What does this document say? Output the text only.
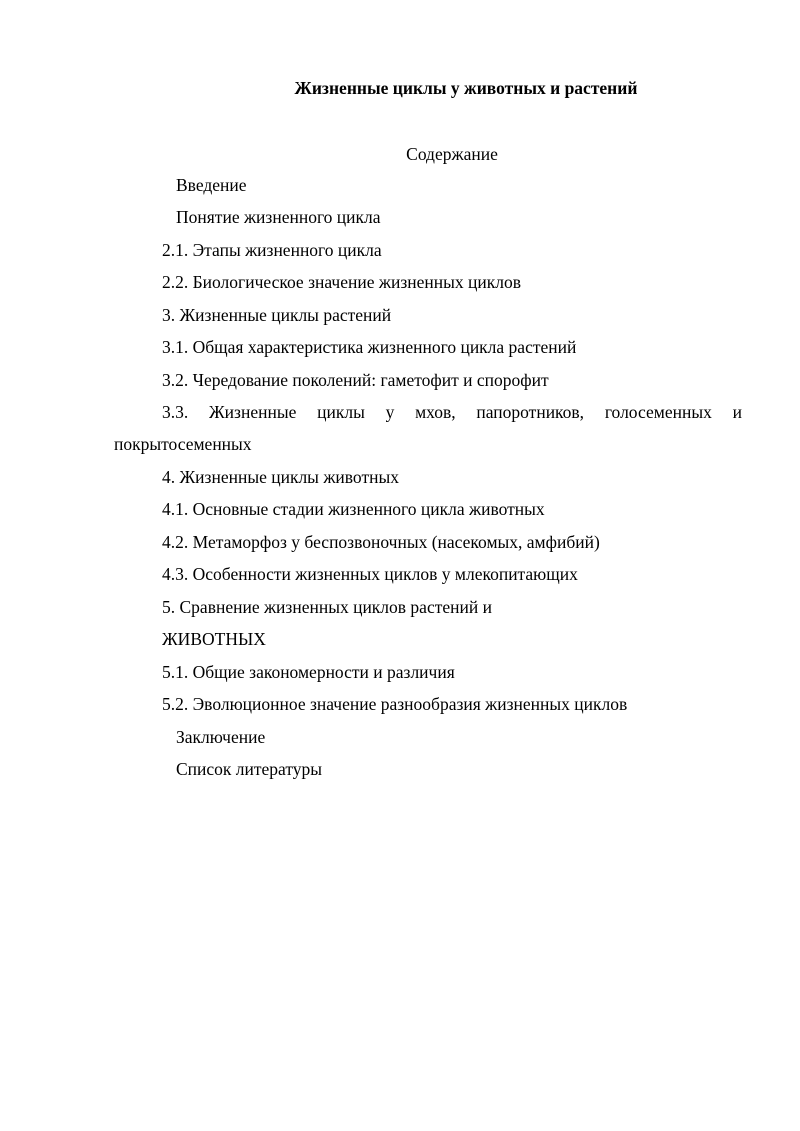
Жизненные циклы у животных и растений
Содержание
Введение
Понятие жизненного цикла
2.1. Этапы жизненного цикла
2.2. Биологическое значение жизненных циклов
3. Жизненные циклы растений
3.1. Общая характеристика жизненного цикла растений
3.2. Чередование поколений: гаметофит и спорофит
3.3. Жизненные циклы у мхов, папоротников, голосеменных и
покрытосеменных
4. Жизненные циклы животных
4.1. Основные стадии жизненного цикла животных
4.2. Метаморфоз у беспозвоночных (насекомых, амфибий)
4.3. Особенности жизненных циклов у млекопитающих
5. Сравнение жизненных циклов растений и
ЖИВОТНЫХ
5.1. Общие закономерности и различия
5.2. Эволюционное значение разнообразия жизненных циклов
Заключение
Список литературы
